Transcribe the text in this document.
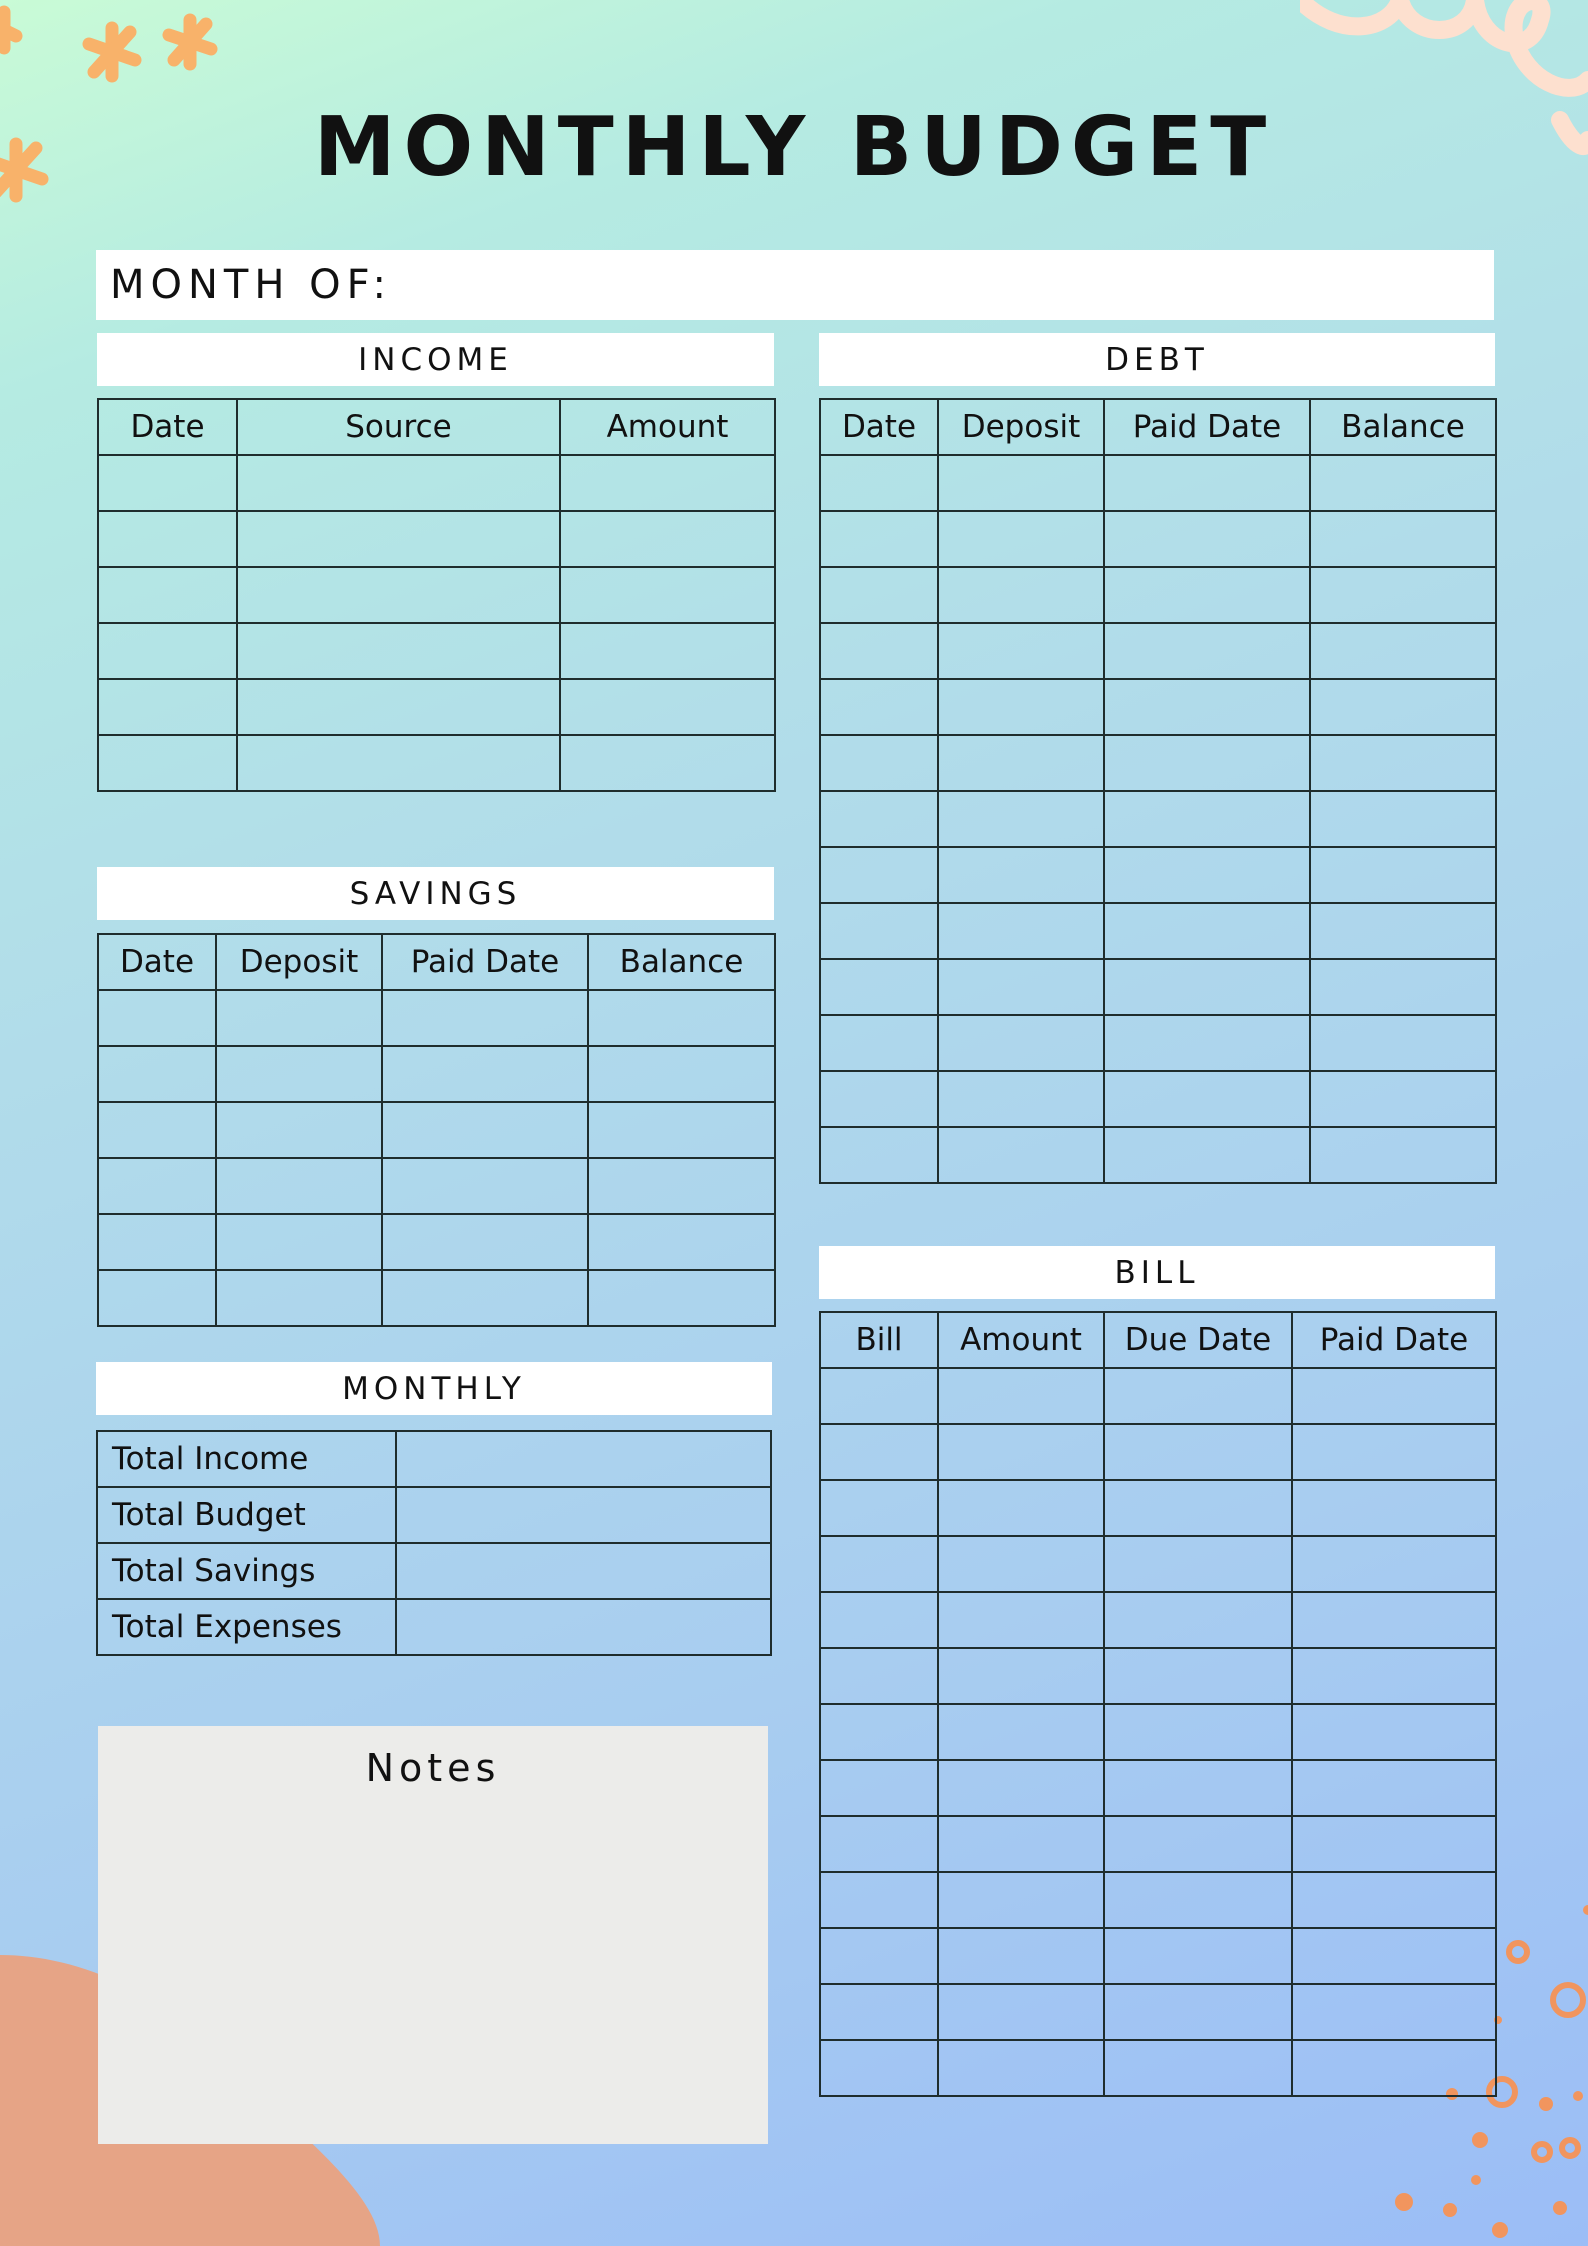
MONTHLY BUDGET
MONTH OF:
INCOME
Date	Source	Amount

DEBT
Date	Deposit	Paid Date	Balance

SAVINGS
Date	Deposit	Paid Date	Balance

BILL
Bill	Amount	Due Date	Paid Date

MONTHLY
Total Income	
Total Budget	
Total Savings	
Total Expenses	
Notes
